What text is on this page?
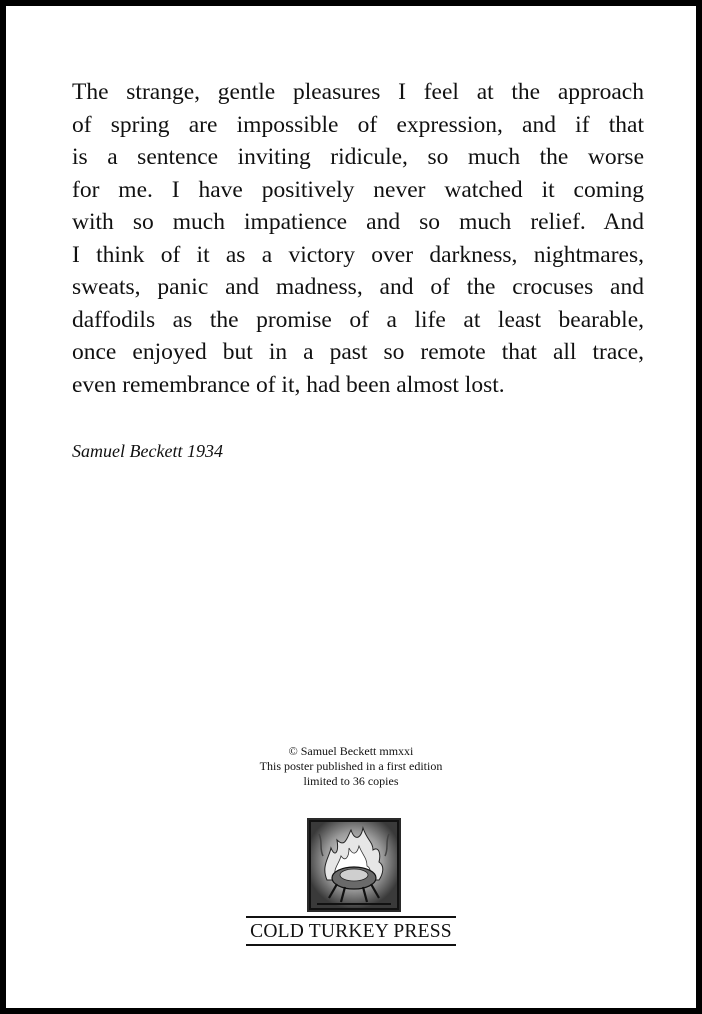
The strange, gentle pleasures I feel at the approach
of spring are impossible of expression, and if that
is a sentence inviting ridicule, so much the worse
for me. I have positively never watched it coming
with so much impatience and so much relief. And
I think of it as a victory over darkness, nightmares,
sweats, panic and madness, and of the crocuses and
daffodils as the promise of a life at least bearable,
once enjoyed but in a past so remote that all trace,
even remembrance of it, had been almost lost.

Samuel Beckett 1934

© Samuel Beckett mmxxi
This poster published in a first edition
limited to 36 copies
COLD TURKEY PRESS
